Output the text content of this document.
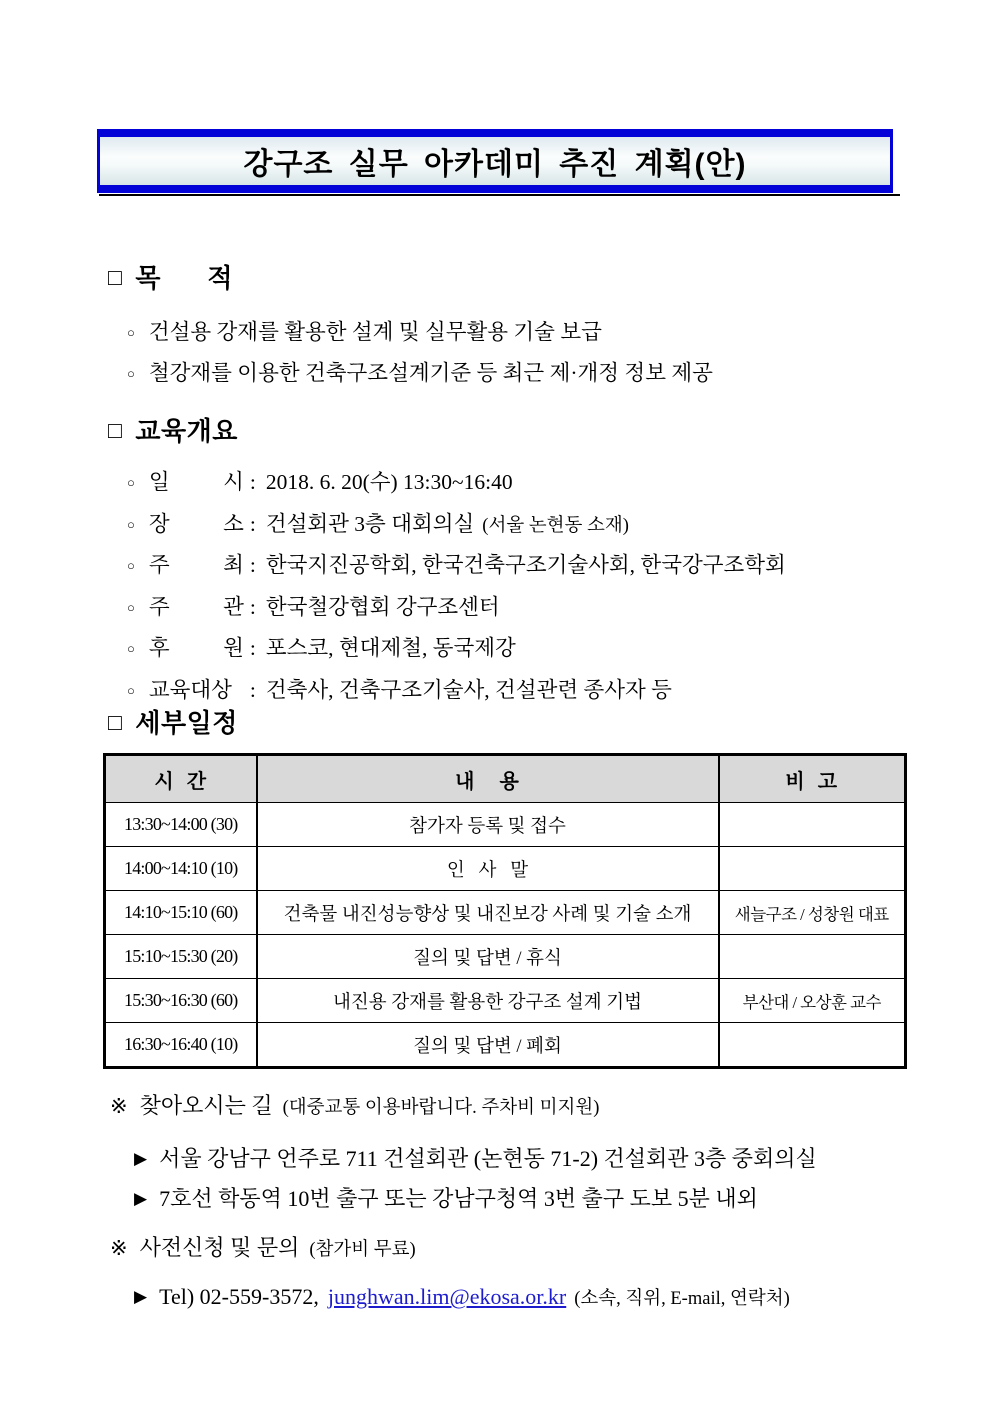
강구조 실무 아카데미 추진 계획(안)
□ 목      적
○ 건설용 강재를 활용한 설계 및 실무활용 기술 보급
○ 철강재를 이용한 건축구조설계기준 등 최근 제·개정 정보 제공
□ 교육개요
○ 일 시 : 2018. 6. 20(수) 13:30~16:40
○ 장 소 : 건설회관 3층 대회의실 (서울 논현동 소재)
○ 주 최 : 한국지진공학회, 한국건축구조기술사회, 한국강구조학회
○ 주 관 : 한국철강협회 강구조센터
○ 후 원 : 포스코, 현대제철, 동국제강
○ 교육대상 : 건축사, 건축구조기술사, 건설관련 종사자 등
□ 세부일정
시  간	내    용	비  고
13:30~14:00 (30)	참가자 등록 및 접수	
14:00~14:10 (10)	인   사   말	
14:10~15:10 (60)	건축물 내진성능향상 및 내진보강 사례 및 기술 소개	새늘구조 / 성창원 대표
15:10~15:30 (20)	질의 및 답변 / 휴식	
15:30~16:30 (60)	내진용 강재를 활용한 강구조 설계 기법	부산대 / 오상훈 교수
16:30~16:40 (10)	질의 및 답변 / 폐회	
※ 찾아오시는 길 (대중교통 이용바랍니다. 주차비 미지원)
▶ 서울 강남구 언주로 711 건설회관 (논현동 71-2) 건설회관 3층 중회의실
▶ 7호선 학동역 10번 출구 또는 강남구청역 3번 출구 도보 5분 내외
※ 사전신청 및 문의 (참가비 무료)
▶ Tel) 02-559-3572, junghwan.lim@ekosa.or.kr (소속, 직위, E-mail, 연락처)
